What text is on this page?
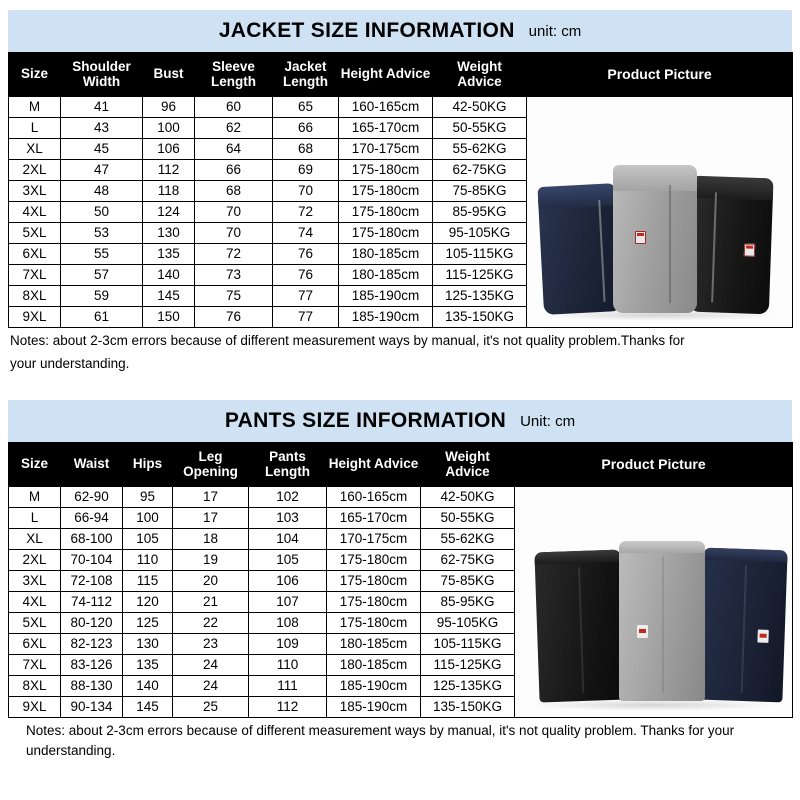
JACKET SIZE INFORMATION unit: cm
Size	Shoulder Width	Bust	Sleeve Length	Jacket Length	Height Advice	Weight Advice	Product Picture
M	41	96	60	65	160-165cm	42-50KG	

L	43	100	62	66	165-170cm	50-55KG	
XL	45	106	64	68	170-175cm	55-62KG	
2XL	47	112	66	69	175-180cm	62-75KG	
3XL	48	118	68	70	175-180cm	75-85KG	
4XL	50	124	70	72	175-180cm	85-95KG	
5XL	53	130	70	74	175-180cm	95-105KG	
6XL	55	135	72	76	180-185cm	105-115KG	
7XL	57	140	73	76	180-185cm	115-125KG	
8XL	59	145	75	77	185-190cm	125-135KG	
9XL	61	150	76	77	185-190cm	135-150KG	
Notes: about 2-3cm errors because of different measurement ways by manual, it's not quality problem.Thanks for
your understanding.
PANTS SIZE INFORMATION Unit: cm
Size	Waist	Hips	Leg Opening	Pants Length	Height Advice	Weight Advice	Product Picture
M	62-90	95	17	102	160-165cm	42-50KG	

L	66-94	100	17	103	165-170cm	50-55KG	
XL	68-100	105	18	104	170-175cm	55-62KG	
2XL	70-104	110	19	105	175-180cm	62-75KG	
3XL	72-108	115	20	106	175-180cm	75-85KG	
4XL	74-112	120	21	107	175-180cm	85-95KG	
5XL	80-120	125	22	108	175-180cm	95-105KG	
6XL	82-123	130	23	109	180-185cm	105-115KG	
7XL	83-126	135	24	110	180-185cm	115-125KG	
8XL	88-130	140	24	111	185-190cm	125-135KG	
9XL	90-134	145	25	112	185-190cm	135-150KG	
Notes: about 2-3cm errors because of different measurement ways by manual, it's not quality problem. Thanks for your understanding.
